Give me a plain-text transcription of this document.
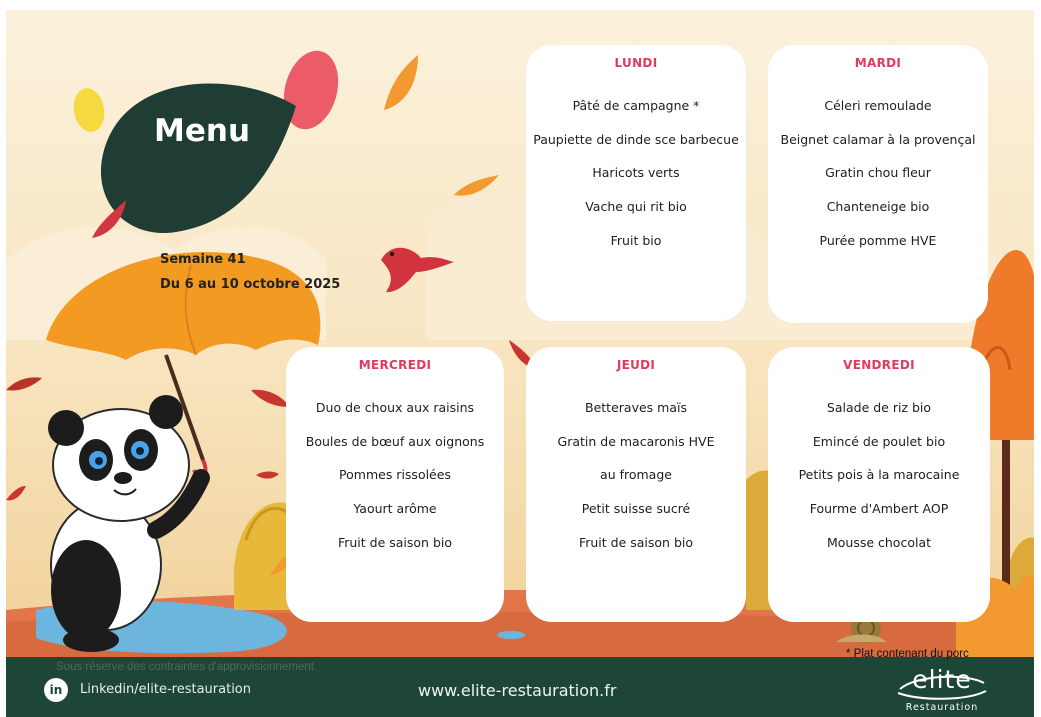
Menu
Semaine 41
Du 6 au 10 octobre 2025
LUNDI
Pâté de campagne *
Paupiette de dinde sce barbecue
Haricots verts
Vache qui rit bio
Fruit bio
MARDI
Céleri remoulade
Beignet calamar à la provençal
Gratin chou fleur
Chanteneige bio
Purée pomme HVE
MERCREDI
Duo de choux aux raisins
Boules de bœuf aux oignons
Pommes rissolées
Yaourt arôme
Fruit de saison bio
JEUDI
Betteraves maïs
Gratin de macaronis HVE
au fromage
Petit suisse sucré
Fruit de saison bio
VENDREDI
Salade de riz bio
Emincé de poulet bio
Petits pois à la marocaine
Fourme d'Ambert AOP
Mousse chocolat
Sous réserve des contraintes d'approvisionnement
* Plat contenant du porc
in	Linkedin/elite-restauration	www.elite-restauration.fr	elite
Restauration
